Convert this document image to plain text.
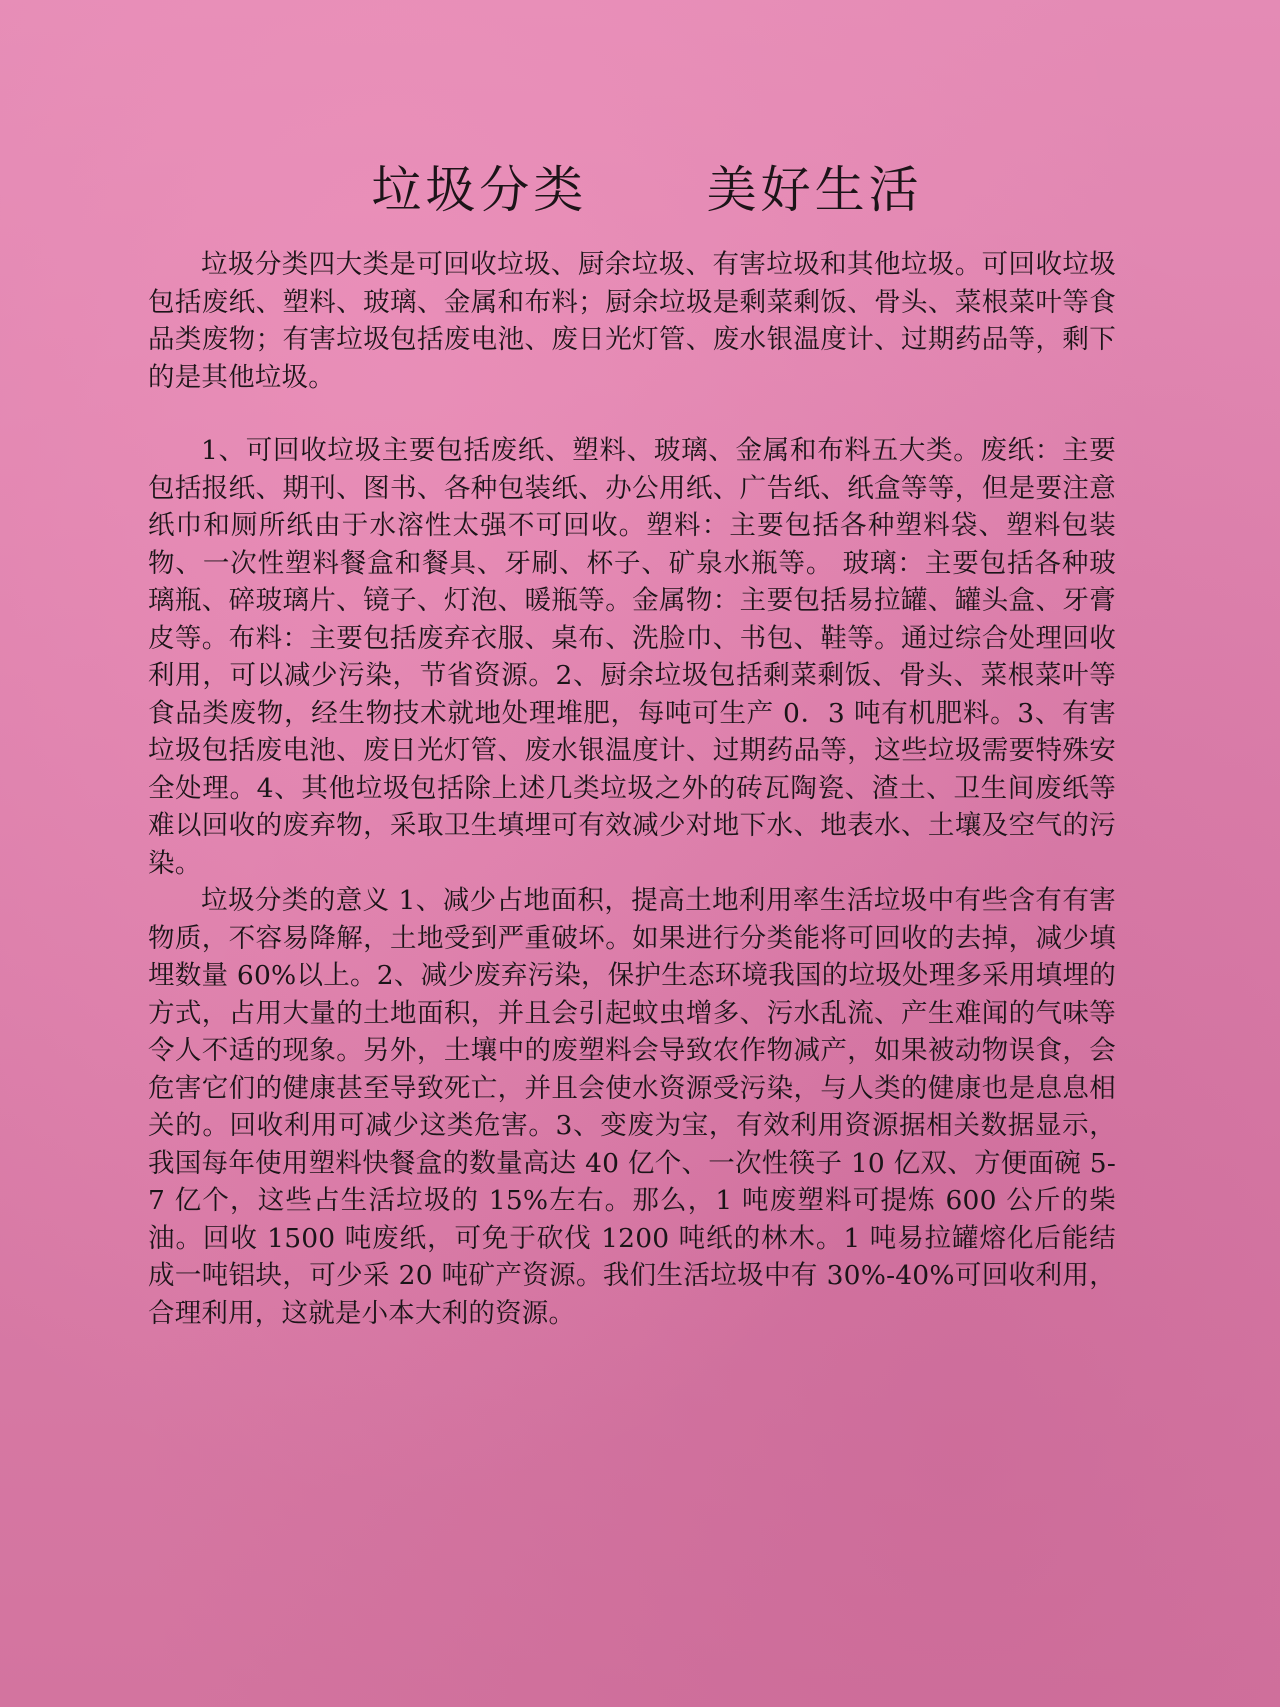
垃圾分类      美好生活

垃圾分类四大类是可回收垃圾、厨余垃圾、有害垃圾和其他垃圾。可回收垃圾包括废纸、塑料、玻璃、金属和布料；厨余垃圾是剩菜剩饭、骨头、菜根菜叶等食品类废物；有害垃圾包括废电池、废日光灯管、废水银温度计、过期药品等，剩下的是其他垃圾。

1、可回收垃圾主要包括废纸、塑料、玻璃、金属和布料五大类。废纸：主要包括报纸、期刊、图书、各种包装纸、办公用纸、广告纸、纸盒等等，但是要注意纸巾和厕所纸由于水溶性太强不可回收。塑料：主要包括各种塑料袋、塑料包装物、一次性塑料餐盒和餐具、牙刷、杯子、矿泉水瓶等。 玻璃：主要包括各种玻璃瓶、碎玻璃片、镜子、灯泡、暖瓶等。金属物：主要包括易拉罐、罐头盒、牙膏皮等。布料：主要包括废弃衣服、桌布、洗脸巾、书包、鞋等。通过综合处理回收利用，可以减少污染，节省资源。2、厨余垃圾包括剩菜剩饭、骨头、菜根菜叶等食品类废物，经生物技术就地处理堆肥，每吨可生产 0．3 吨有机肥料。3、有害垃圾包括废电池、废日光灯管、废水银温度计、过期药品等，这些垃圾需要特殊安全处理。4、其他垃圾包括除上述几类垃圾之外的砖瓦陶瓷、渣土、卫生间废纸等难以回收的废弃物，采取卫生填埋可有效减少对地下水、地表水、土壤及空气的污染。

垃圾分类的意义 1、减少占地面积，提高土地利用率生活垃圾中有些含有有害物质，不容易降解，土地受到严重破坏。如果进行分类能将可回收的去掉，减少填埋数量 60%以上。2、减少废弃污染，保护生态环境我国的垃圾处理多采用填埋的方式，占用大量的土地面积，并且会引起蚊虫增多、污水乱流、产生难闻的气味等令人不适的现象。另外，土壤中的废塑料会导致农作物减产，如果被动物误食，会危害它们的健康甚至导致死亡，并且会使水资源受污染，与人类的健康也是息息相关的。回收利用可减少这类危害。3、变废为宝，有效利用资源据相关数据显示，我国每年使用塑料快餐盒的数量高达 40 亿个、一次性筷子 10 亿双、方便面碗 5-7 亿个，这些占生活垃圾的 15%左右。那么，1 吨废塑料可提炼 600 公斤的柴油。回收 1500 吨废纸，可免于砍伐 1200 吨纸的林木。1 吨易拉罐熔化后能结成一吨铝块，可少采 20 吨矿产资源。我们生活垃圾中有 30%-40%可回收利用，合理利用，这就是小本大利的资源。
